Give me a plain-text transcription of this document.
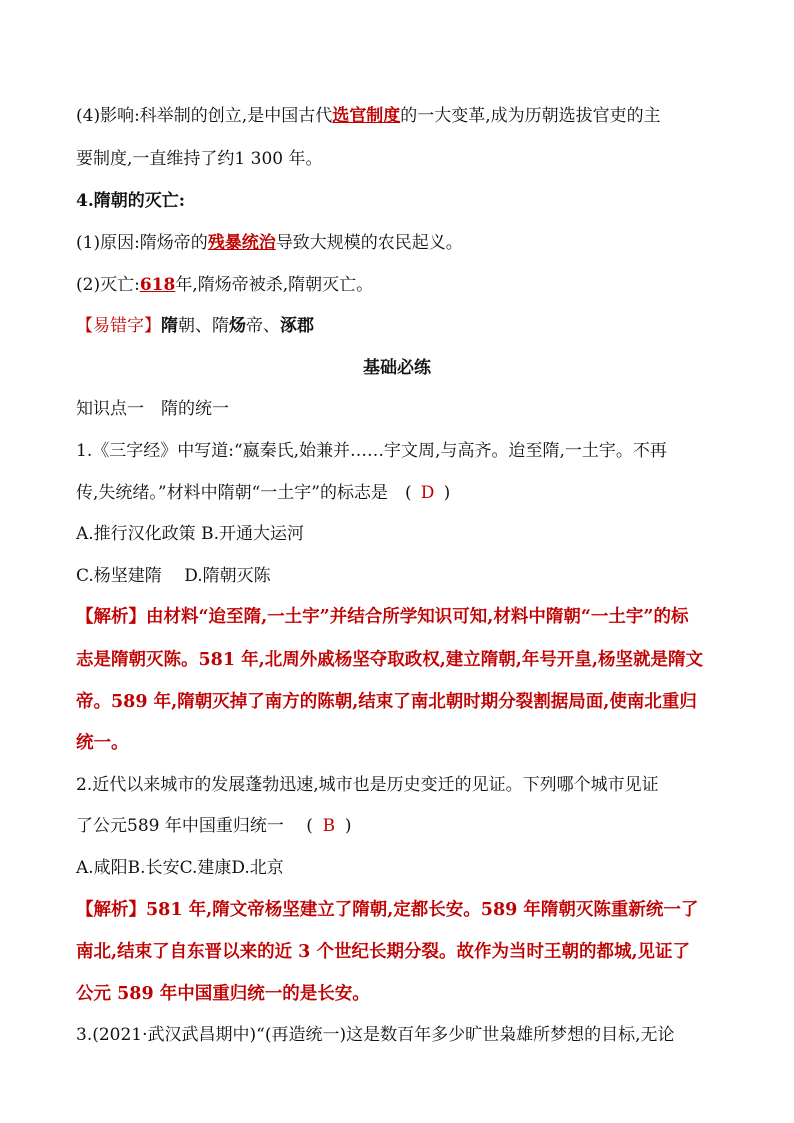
(4)影响:科举制的创立,是中国古代选官制度的一大变革,成为历朝选拔官吏的主
要制度,一直维持了约1 300 年。
4.隋朝的灭亡:
(1)原因:隋炀帝的残暴统治导致大规模的农民起义。
(2)灭亡:618年,隋炀帝被杀,隋朝灭亡。
【易错字】隋朝、隋炀帝、涿郡
基础必练
知识点一　隋的统一
1.《三字经》中写道:“嬴秦氏,始兼并……宇文周,与高齐。迨至隋,一土宇。不再
传,失统绪。”材料中隋朝“一土宇”的标志是　( D )
A.推行汉化政策 B.开通大运河
C.杨坚建隋　 D.隋朝灭陈
【解析】由材料“迨至隋,一土宇”并结合所学知识可知,材料中隋朝“一土宇”的标
志是隋朝灭陈。581 年,北周外戚杨坚夺取政权,建立隋朝,年号开皇,杨坚就是隋文
帝。589 年,隋朝灭掉了南方的陈朝,结束了南北朝时期分裂割据局面,使南北重归
统一。
2.近代以来城市的发展蓬勃迅速,城市也是历史变迁的见证。下列哪个城市见证
了公元589 年中国重归统一　 ( B )
A.咸阳B.长安C.建康D.北京
【解析】581 年,隋文帝杨坚建立了隋朝,定都长安。589 年隋朝灭陈重新统一了
南北,结束了自东晋以来的近 3 个世纪长期分裂。故作为当时王朝的都城,见证了
公元 589 年中国重归统一的是长安。
3.(2021·武汉武昌期中)“(再造统一)这是数百年多少旷世枭雄所梦想的目标,无论
